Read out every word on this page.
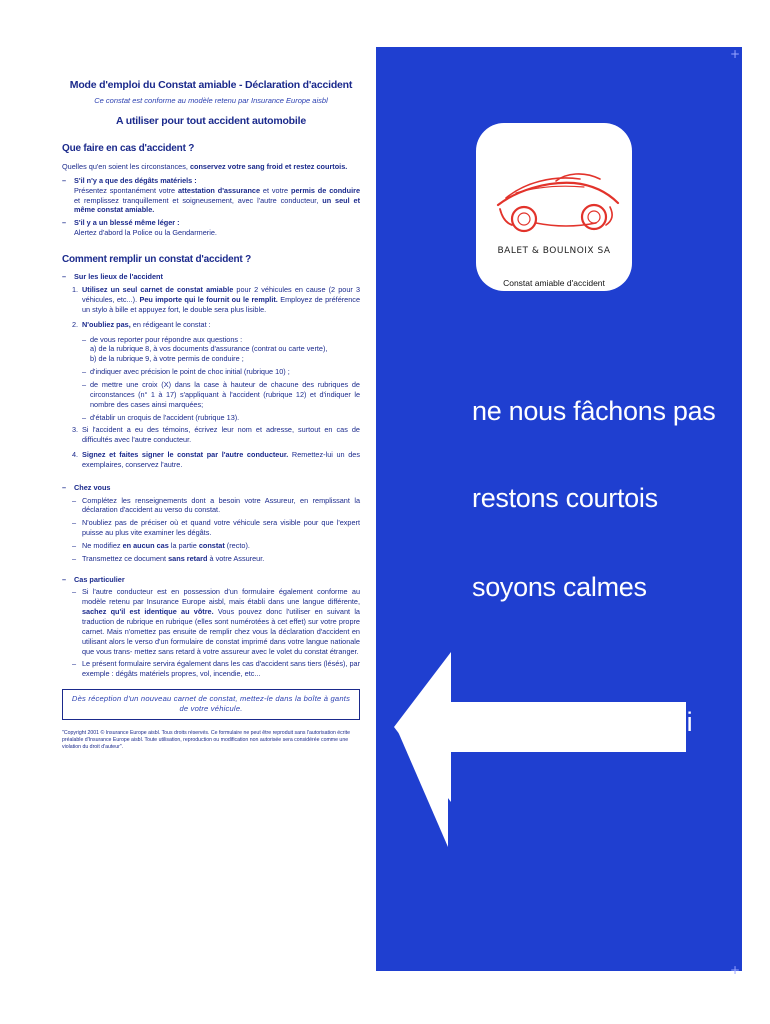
Mode d'emploi du Constat amiable - Déclaration d'accident
Ce constat est conforme au modèle retenu par Insurance Europe aisbl
A utiliser pour tout accident automobile
Que faire en cas d'accident ?
Quelles qu'en soient les circonstances, conservez votre sang froid et restez courtois.
– S'il n'y a que des dégâts matériels :
Présentez spontanément votre attestation d'assurance et votre permis de conduire et remplissez tranquillement et soigneusement, avec l'autre conducteur, un seul et même constat amiable.
– S'il y a un blessé même léger :
Alertez d'abord la Police ou la Gendarmerie.
Comment remplir un constat d'accident ?
– Sur les lieux de l'accident
1. Utilisez un seul carnet de constat amiable pour 2 véhicules en cause (2 pour 3 véhicules, etc...). Peu importe qui le fournit ou le remplit. Employez de préférence un stylo à bille et appuyez fort, le double sera plus lisible.
2. N'oubliez pas, en rédigeant le constat :
– de vous reporter pour répondre aux questions :
a) de la rubrique 8, à vos documents d'assurance (contrat ou carte verte),
b) de la rubrique 9, à votre permis de conduire ;
– d'indiquer avec précision le point de choc initial (rubrique 10) ;
– de mettre une croix (X) dans la case à hauteur de chacune des rubriques de circonstances (n° 1 à 17) s'appliquant à l'accident (rubrique 12) et d'indiquer le nombre des cases ainsi marquées;
– d'établir un croquis de l'accident (rubrique 13).
3. Si l'accident a eu des témoins, écrivez leur nom et adresse, surtout en cas de difficultés avec l'autre conducteur.
4. Signez et faites signer le constat par l'autre conducteur. Remettez-lui un des exemplaires, conservez l'autre.
– Chez vous
– Complétez les renseignements dont a besoin votre Assureur, en remplissant la déclaration d'accident au verso du constat.
– N'oubliez pas de préciser où et quand votre véhicule sera visible pour que l'expert puisse au plus vite examiner les dégâts.
– Ne modifiez en aucun cas la partie constat (recto).
– Transmettez ce document sans retard à votre Assureur.
– Cas particulier
– Si l'autre conducteur est en possession d'un formulaire également conforme au modèle retenu par Insurance Europe aisbl, mais établi dans une langue différente, sachez qu'il est identique au vôtre. Vous pouvez donc l'utiliser en suivant la traduction de rubrique en rubrique (elles sont numérotées à cet effet) sur votre propre carnet. Mais n'omettez pas ensuite de remplir chez vous la déclaration d'accident en utilisant alors le verso d'un formulaire de constat imprimé dans votre langue nationale que vous trans- mettez sans retard à votre assureur avec le volet du constat étranger.
– Le présent formulaire servira également dans les cas d'accident sans tiers (lésés), par exemple : dégâts matériels propres, vol, incendie, etc...
Dès réception d'un nouveau carnet de constat, mettez-le dans la boîte à gants de votre véhicule.
"Copyright 2001 © Insurance Europe aisbl. Tous droits réservés. Ce formulaire ne peut être reproduit sans l'autorisation écrite préalable d'Insurance Europe aisbl. Toute utilisation, reproduction ou modification non autorisée sera considérée comme une violation du droit d'auteur".
BALET & BOULNOIX SA
Constat amiable d'accident
ne nous fâchons pas
restons courtois
soyons calmes
voir mode d'emploi
+
+
